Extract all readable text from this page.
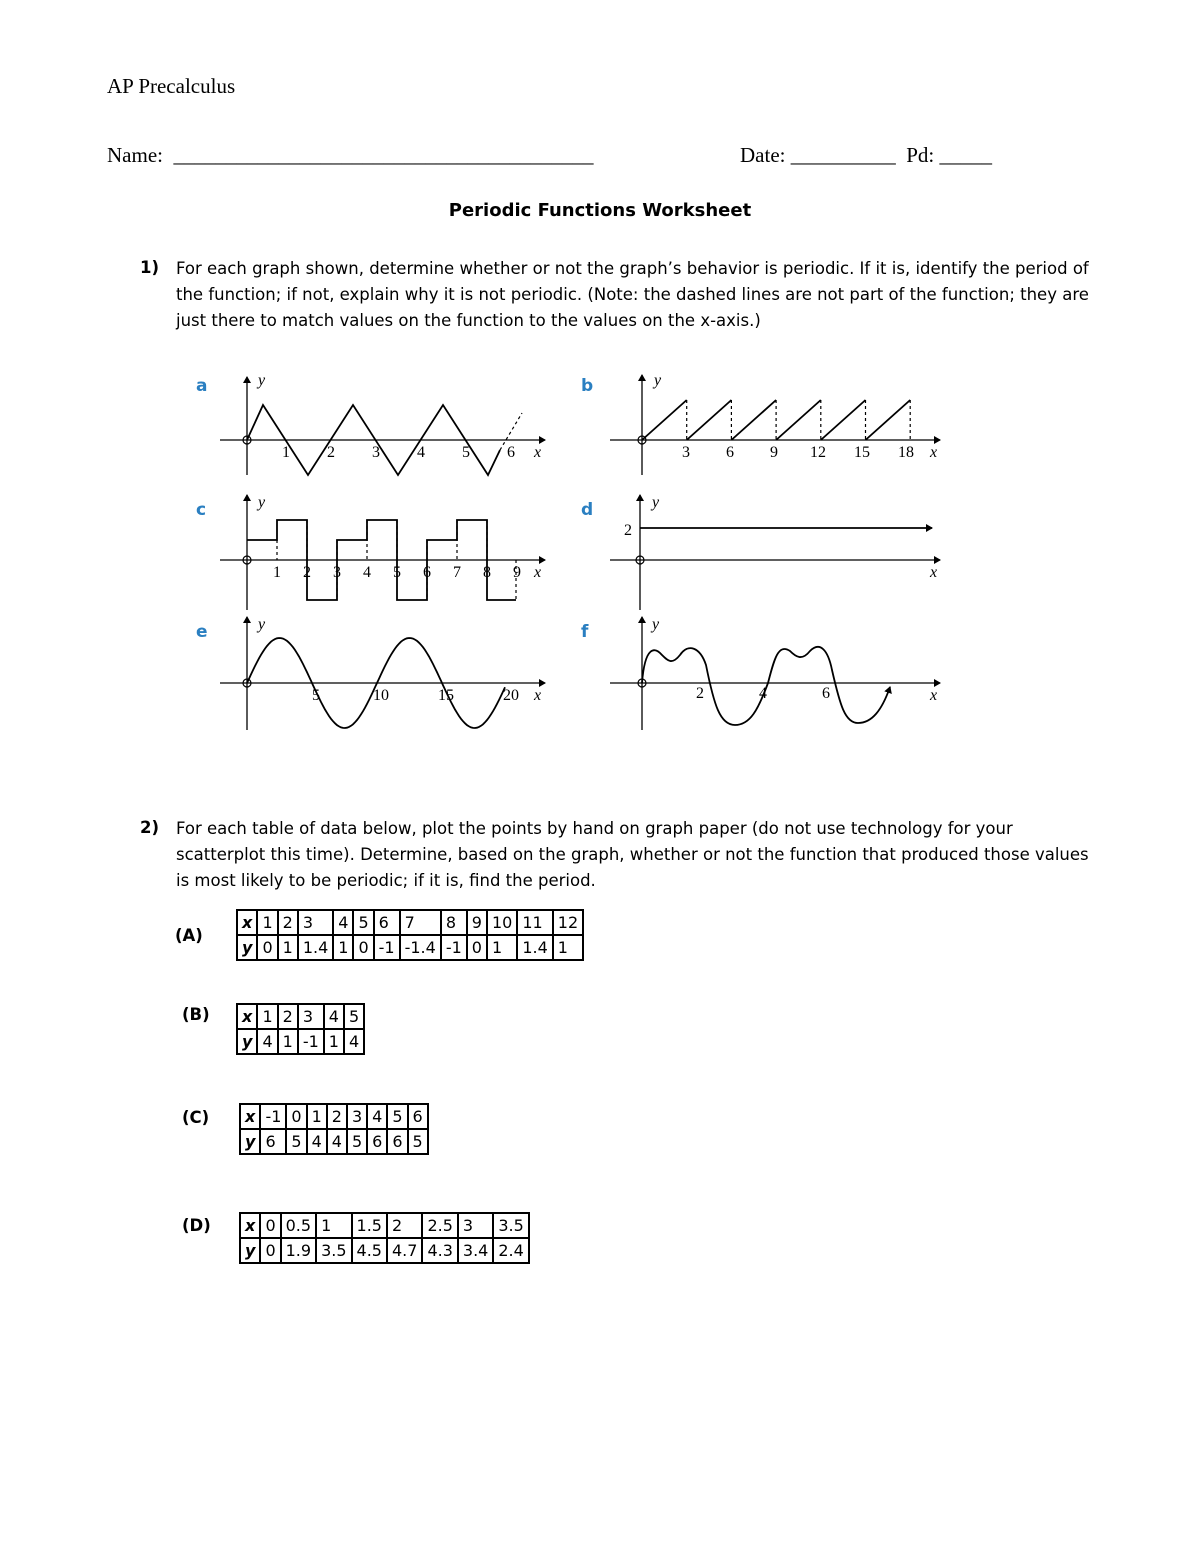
AP Precalculus
Name:  ________________________________________	Date: __________  Pd: _____
Periodic Functions Worksheet
1) For each graph shown, determine whether or not the graph’s behavior is periodic. If it is, identify the period of the function; if not, explain why it is not periodic. (Note: the dashed lines are not part of the function; they are just there to match values on the function to the values on the x-axis.)
a	y
x
1 2 3 4 5 6
b	y
x
3 6 9 12 15 18
c	y
x
1 2 3 4 5 6 7 8 9
d	y
x
2
e	y
x
5	10	15	20
f	y
x
2	4	6
2) For each table of data below, plot the points by hand on graph paper (do not use technology for your scatterplot this time). Determine, based on the graph, whether or not the function that produced those values is most likely to be periodic; if it is, find the period.
(A)
x	1	2	3	4	5	6	7	8	9	10	11	12
y	0	1	1.4	1	0	-1	-1.4	-1	0	1	1.4	1
(B) x	1	2	3	4	5
y	4	1	-1	1	4
(C) x	-1	0	1	2	3	4	5	6
y	6	5	4	4	5	6	6	5
(D) x	0	0.5	1	1.5	2	2.5	3	3.5
y	0	1.9	3.5	4.5	4.7	4.3	3.4	2.4
